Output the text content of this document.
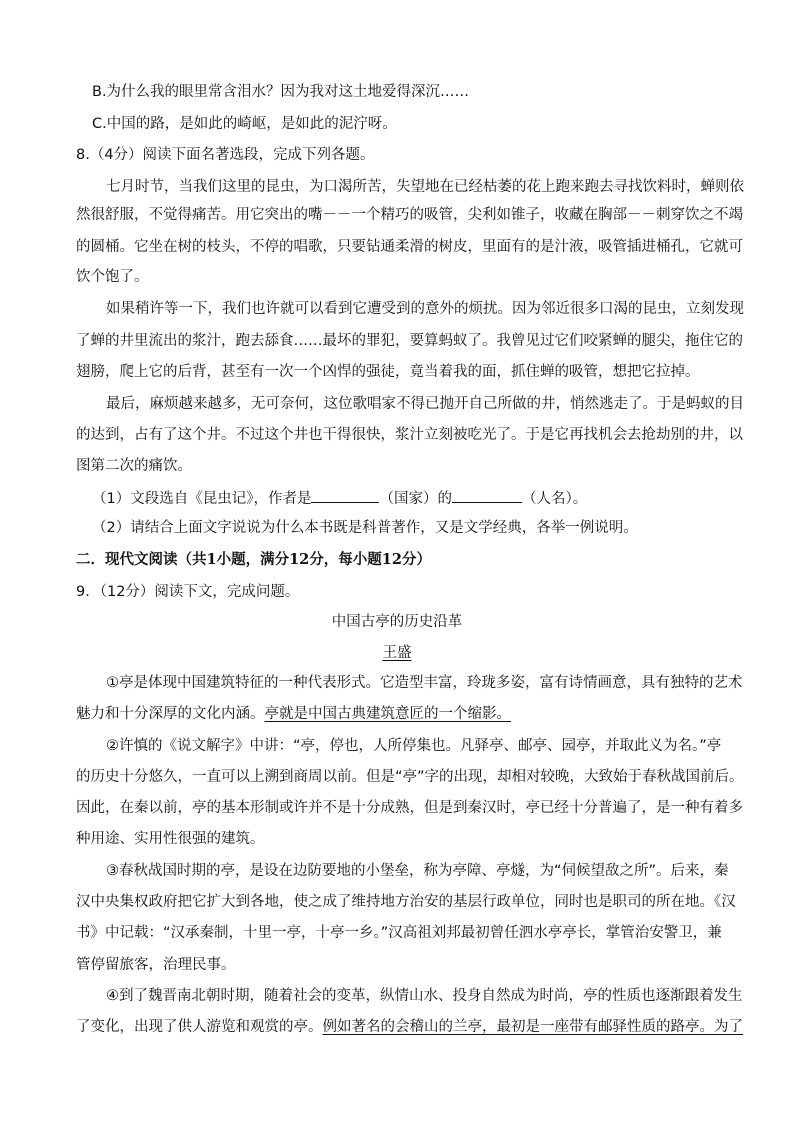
B.为什么我的眼里常含泪水？因为我对这土地爱得深沉……
C.中国的路，是如此的崎岖，是如此的泥泞呀。
8.（4分）阅读下面名著选段，完成下列各题。
七月时节，当我们这里的昆虫，为口渴所苦，失望地在已经枯萎的花上跑来跑去寻找饮料时，蝉则依
然很舒服，不觉得痛苦。用它突出的嘴－－一个精巧的吸管，尖利如锥子，收藏在胸部－－刺穿饮之不竭
的圆桶。它坐在树的枝头，不停的唱歌，只要钻通柔滑的树皮，里面有的是汁液，吸管插进桶孔，它就可
饮个饱了。
如果稍许等一下，我们也许就可以看到它遭受到的意外的烦扰。因为邻近很多口渴的昆虫，立刻发现
了蝉的井里流出的浆汁，跑去舔食……最坏的罪犯，要算蚂蚁了。我曾见过它们咬紧蝉的腿尖，拖住它的
翅膀，爬上它的后背，甚至有一次一个凶悍的强徒，竟当着我的面，抓住蝉的吸管，想把它拉掉。
最后，麻烦越来越多，无可奈何，这位歌唱家不得已抛开自己所做的井，悄然逃走了。于是蚂蚁的目
的达到，占有了这个井。不过这个井也干得很快，浆汁立刻被吃光了。于是它再找机会去抢劫别的井，以
图第二次的痛饮。
（1）文段选自《昆虫记》，作者是	（国家）的	（人名）。
（2）请结合上面文字说说为什么本书既是科普著作，又是文学经典，各举一例说明。
二．现代文阅读（共1小题，满分12分，每小题12分）
9．（12分）阅读下文，完成问题。
中国古亭的历史沿革
王盛
①亭是体现中国建筑特征的一种代表形式。它造型丰富，玲珑多姿，富有诗情画意，具有独特的艺术
魅力和十分深厚的文化内涵。亭就是中国古典建筑意匠的一个缩影。
②许慎的《说文解字》中讲：“亭，停也，人所停集也。凡驿亭、邮亭、园亭，并取此义为名。”亭
的历史十分悠久，一直可以上溯到商周以前。但是“亭”字的出现，却相对较晚，大致始于春秋战国前后。
因此，在秦以前，亭的基本形制或许并不是十分成熟，但是到秦汉时，亭已经十分普遍了，是一种有着多
种用途、实用性很强的建筑。
③春秋战国时期的亭，是设在边防要地的小堡垒，称为亭障、亭燧，为“伺候望敌之所”。后来，秦
汉中央集权政府把它扩大到各地，使之成了维持地方治安的基层行政单位，同时也是职司的所在地。《汉
书》中记载：“汉承秦制，十里一亭，十亭一乡。”汉高祖刘邦最初曾任泗水亭亭长，掌管治安警卫，兼
管停留旅客，治理民事。
④到了魏晋南北朝时期，随着社会的变革，纵情山水、投身自然成为时尚，亭的性质也逐渐跟着发生
了变化，出现了供人游览和观赏的亭。例如著名的会稽山的兰亭，最初是一座带有邮驿性质的路亭。为了
